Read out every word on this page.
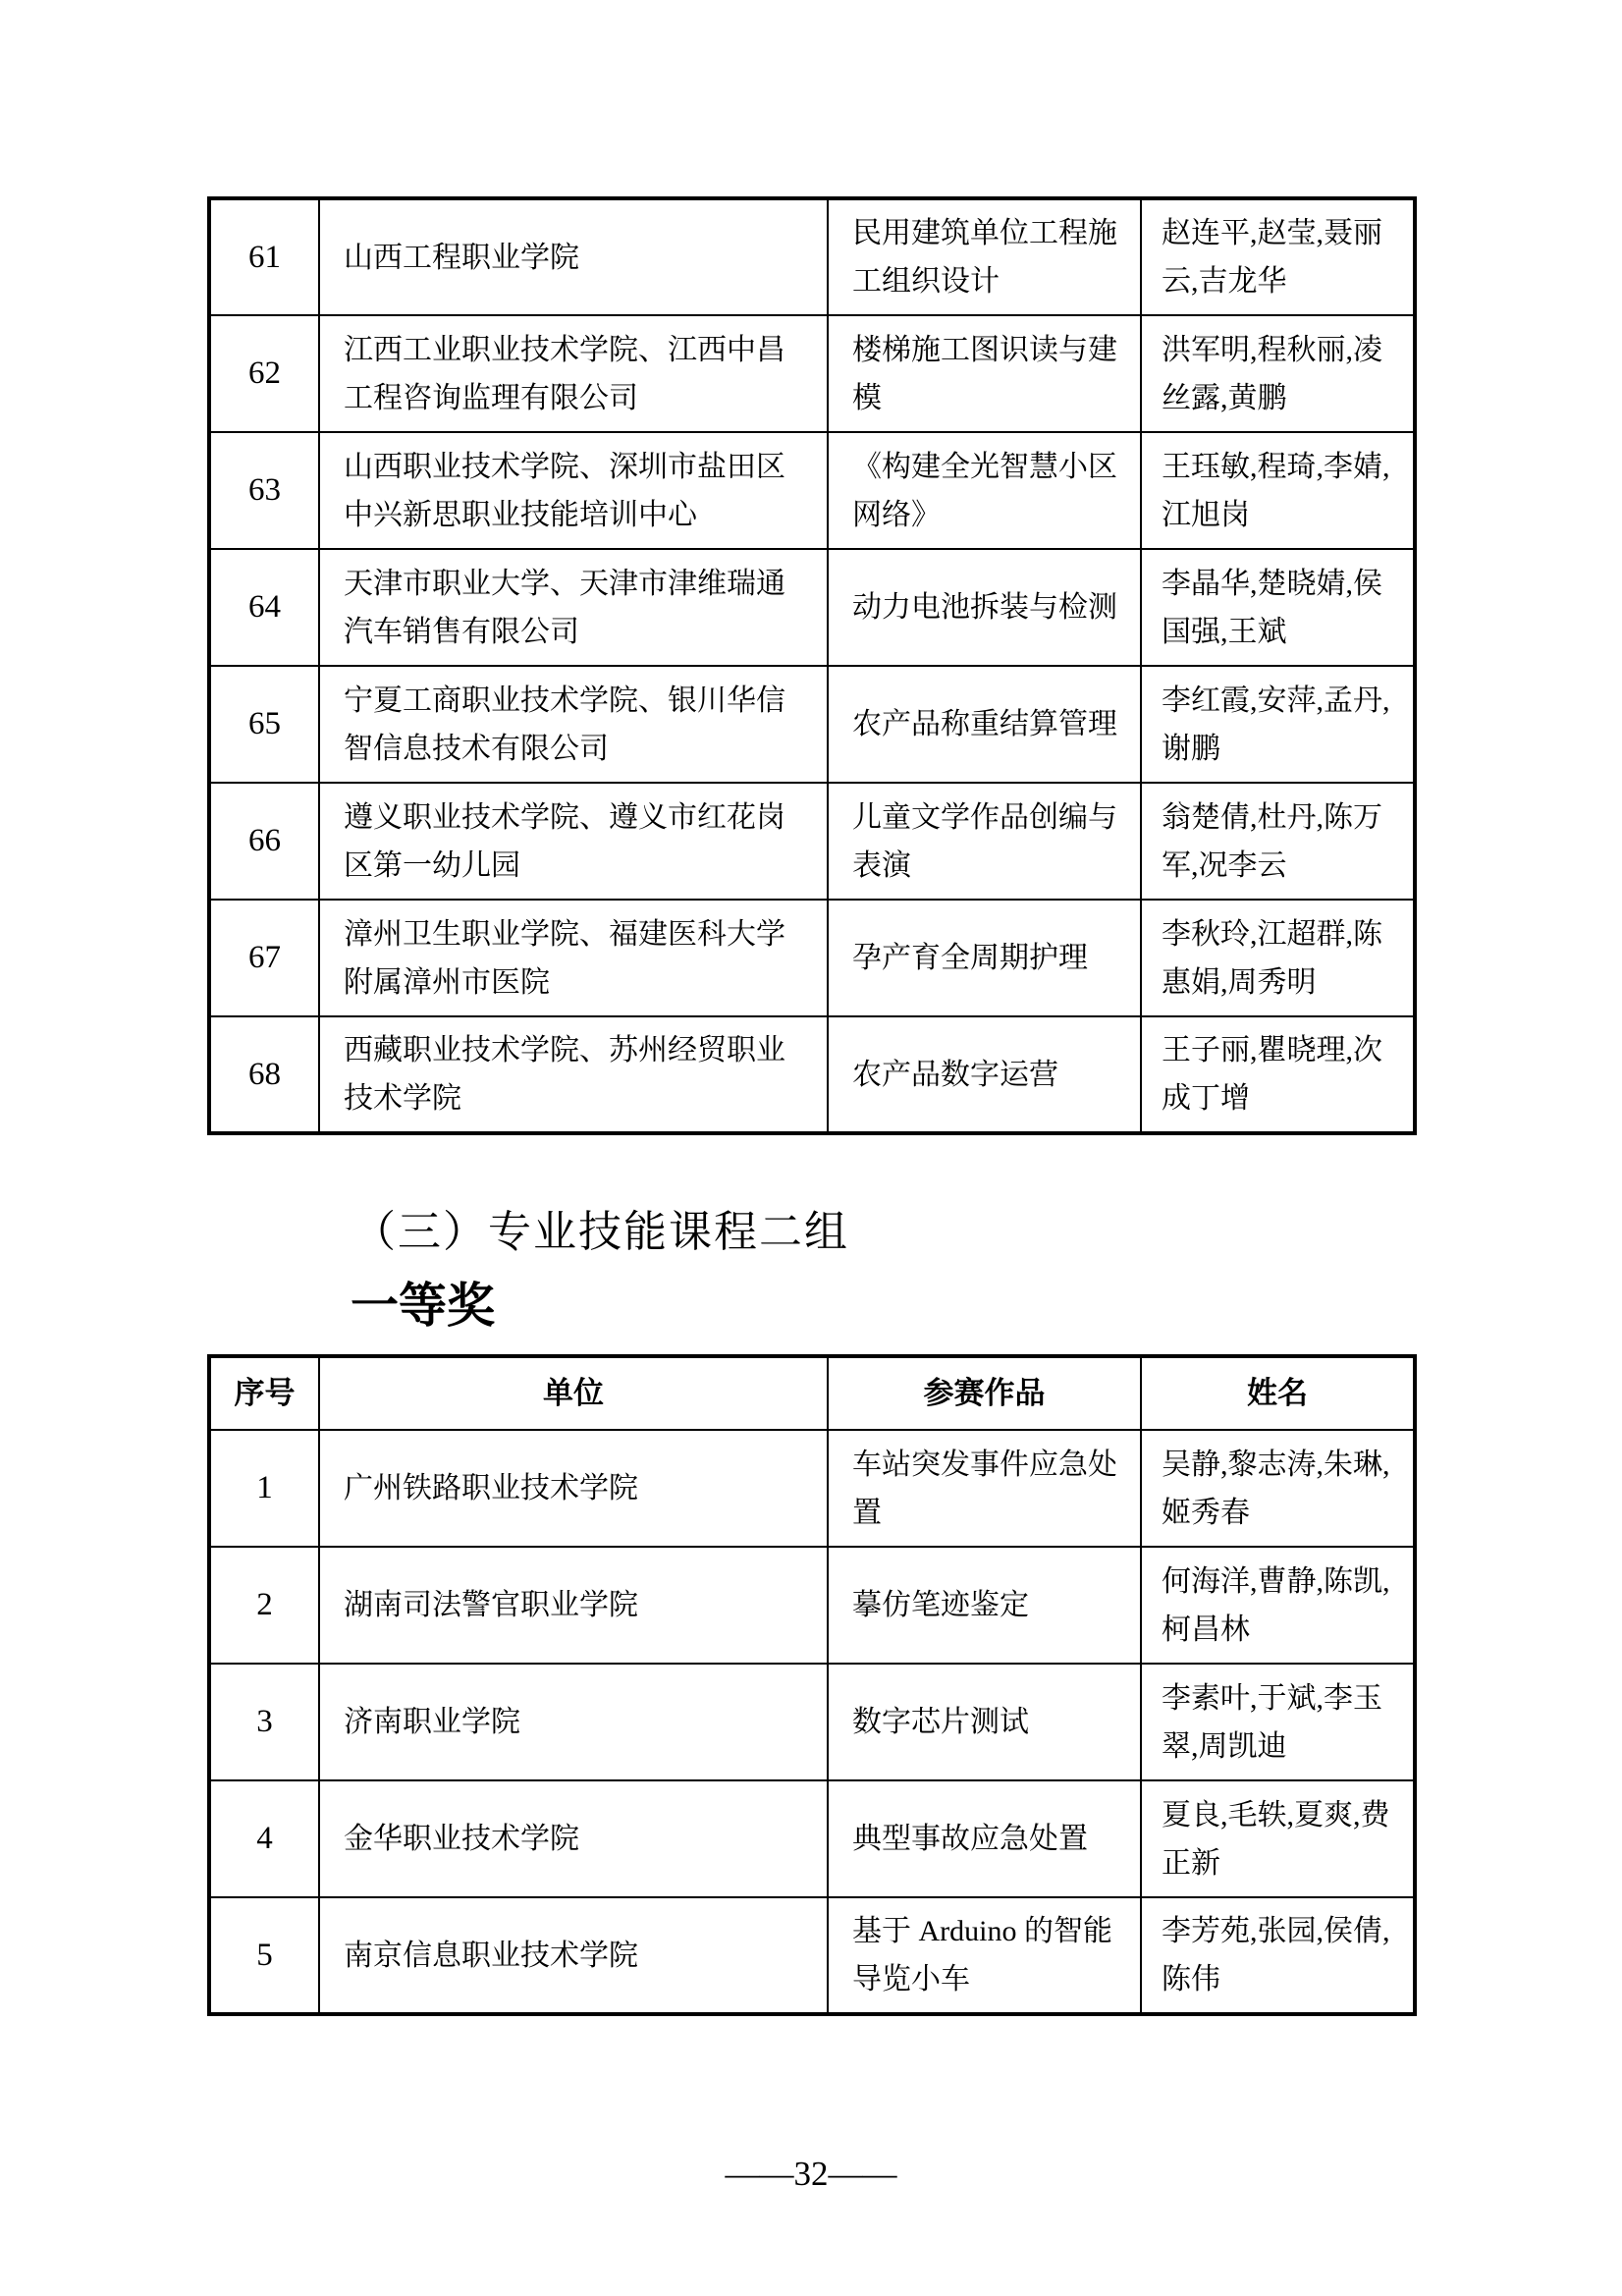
61	山西工程职业学院	民用建筑单位工程施工组织设计	赵连平,赵莹,聂丽云,吉龙华
62	江西工业职业技术学院、江西中昌工程咨询监理有限公司	楼梯施工图识读与建模	洪军明,程秋丽,凌丝露,黄鹏
63	山西职业技术学院、深圳市盐田区中兴新思职业技能培训中心	《构建全光智慧小区网络》	王珏敏,程琦,李婧,江旭岗
64	天津市职业大学、天津市津维瑞通汽车销售有限公司	动力电池拆装与检测	李晶华,楚晓婧,侯国强,王斌
65	宁夏工商职业技术学院、银川华信智信息技术有限公司	农产品称重结算管理	李红霞,安萍,孟丹,谢鹏
66	遵义职业技术学院、遵义市红花岗区第一幼儿园	儿童文学作品创编与表演	翁楚倩,杜丹,陈万军,况李云
67	漳州卫生职业学院、福建医科大学附属漳州市医院	孕产育全周期护理	李秋玲,江超群,陈惠娟,周秀明
68	西藏职业技术学院、苏州经贸职业技术学院	农产品数字运营	王子丽,瞿晓理,次成丁增
（三）专业技能课程二组
一等奖
序号	单位	参赛作品	姓名
1	广州铁路职业技术学院	车站突发事件应急处置	吴静,黎志涛,朱琳,姬秀春
2	湖南司法警官职业学院	摹仿笔迹鉴定	何海洋,曹静,陈凯,柯昌林
3	济南职业学院	数字芯片测试	李素叶,于斌,李玉翠,周凯迪
4	金华职业技术学院	典型事故应急处置	夏良,毛轶,夏爽,费正新
5	南京信息职业技术学院	基于 Arduino 的智能导览小车	李芳苑,张园,侯倩,陈伟
——32——
